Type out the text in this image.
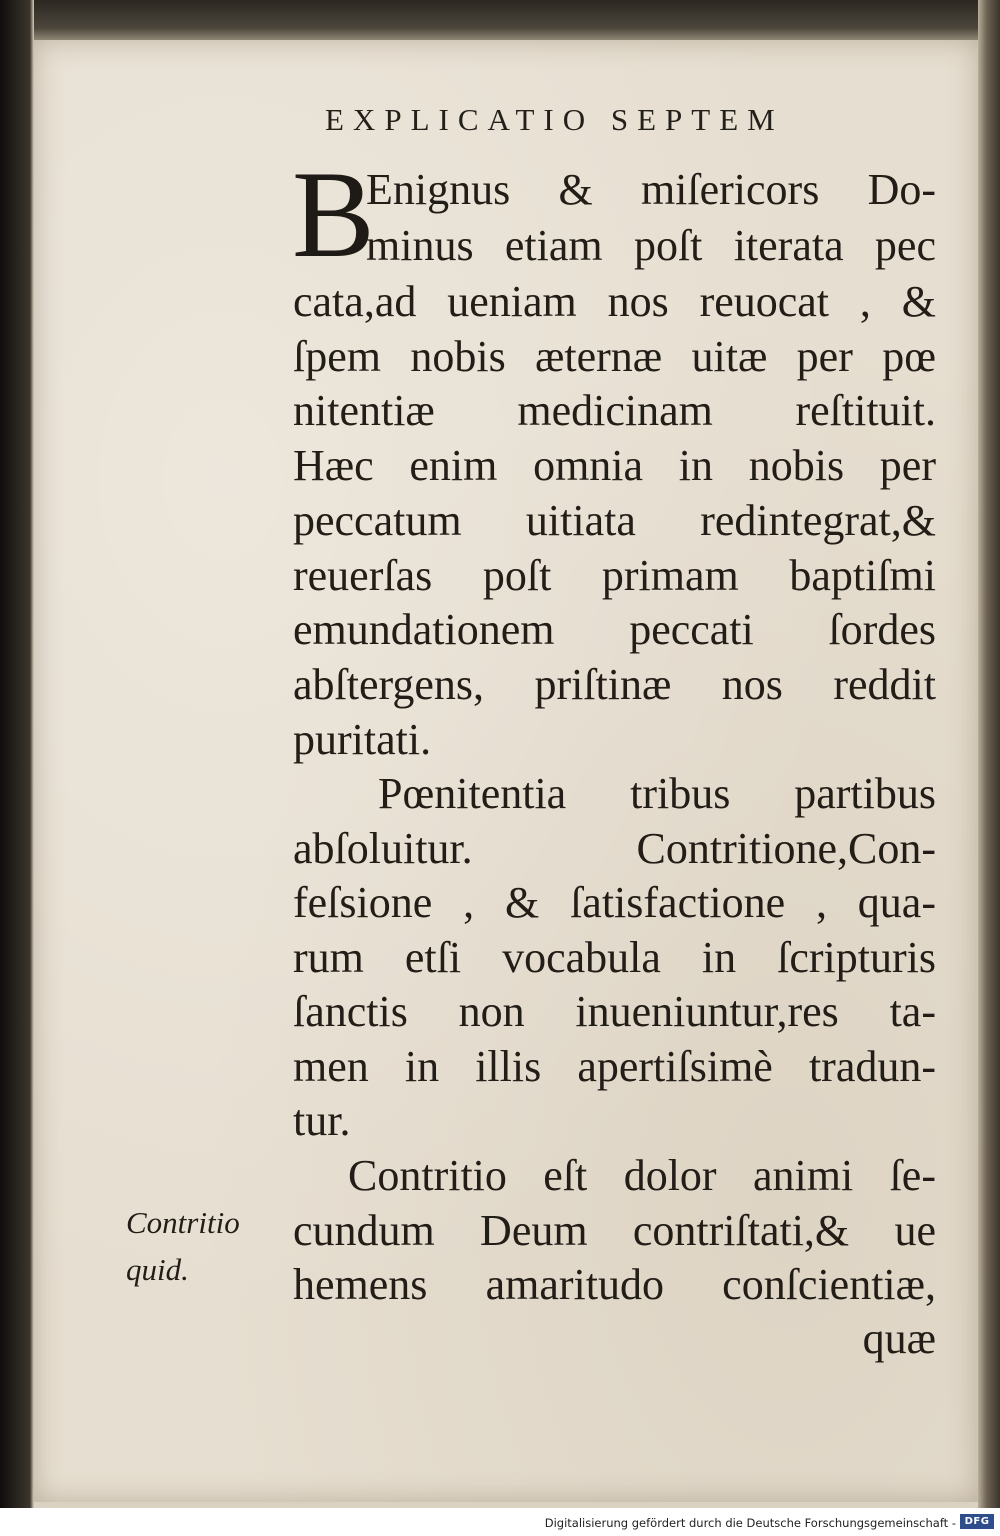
EXPLICATIO SEPTEM
B
Enignus & miſericors Do-
minus etiam poſt iterata pec
cata,ad ueniam nos reuocat , &
ſpem nobis æternæ uitæ per pœ
nitentiæ medicinam reſtituit.
Hæc enim omnia in nobis per
peccatum uitiata redintegrat,&
reuerſas poſt primam baptiſmi
emundationem peccati ſordes
abſtergens, priſtinæ nos reddit
puritati.
Pœnitentia tribus partibus
abſoluitur. Contritione,Con-
feſsione , & ſatisfactione , qua-
rum etſi vocabula in ſcripturis
ſanctis non inueniuntur,res ta-
men in illis apertiſsimè tradun-
tur.
Contritio eſt dolor animi ſe-
cundum Deum contriſtati,& ue
hemens amaritudo conſcientiæ,
quæ
Contritio
quid.
Digitalisierung gefördert durch die Deutsche Forschungsgemeinschaft - DFG
